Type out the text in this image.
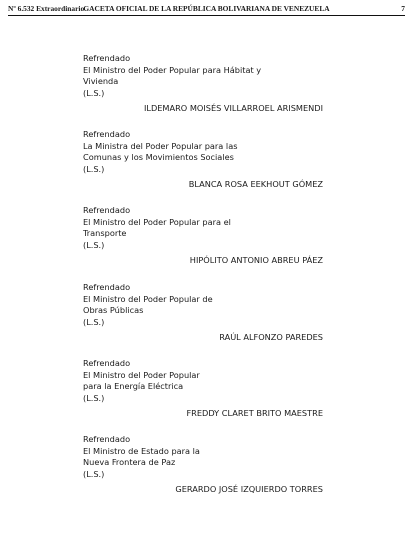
Nº 6.532 Extraordinario GACETA OFICIAL DE LA REPÚBLICA BOLIVARIANA DE VENEZUELA	7
Refrendado
El Ministro del Poder Popular para Hábitat y
Vivienda
(L.S.)
ILDEMARO MOISÉS VILLARROEL ARISMENDI
Refrendado
La Ministra del Poder Popular para las
Comunas y los Movimientos Sociales
(L.S.)
BLANCA ROSA EEKHOUT GÓMEZ
Refrendado
El Ministro del Poder Popular para el
Transporte
(L.S.)
HIPÓLITO ANTONIO ABREU PÁEZ
Refrendado
El Ministro del Poder Popular de
Obras Públicas
(L.S.)
RAÚL ALFONZO PAREDES
Refrendado
El Ministro del Poder Popular
para la Energía Eléctrica
(L.S.)
FREDDY CLARET BRITO MAESTRE
Refrendado
El Ministro de Estado para la
Nueva Frontera de Paz
(L.S.)
GERARDO JOSÉ IZQUIERDO TORRES
